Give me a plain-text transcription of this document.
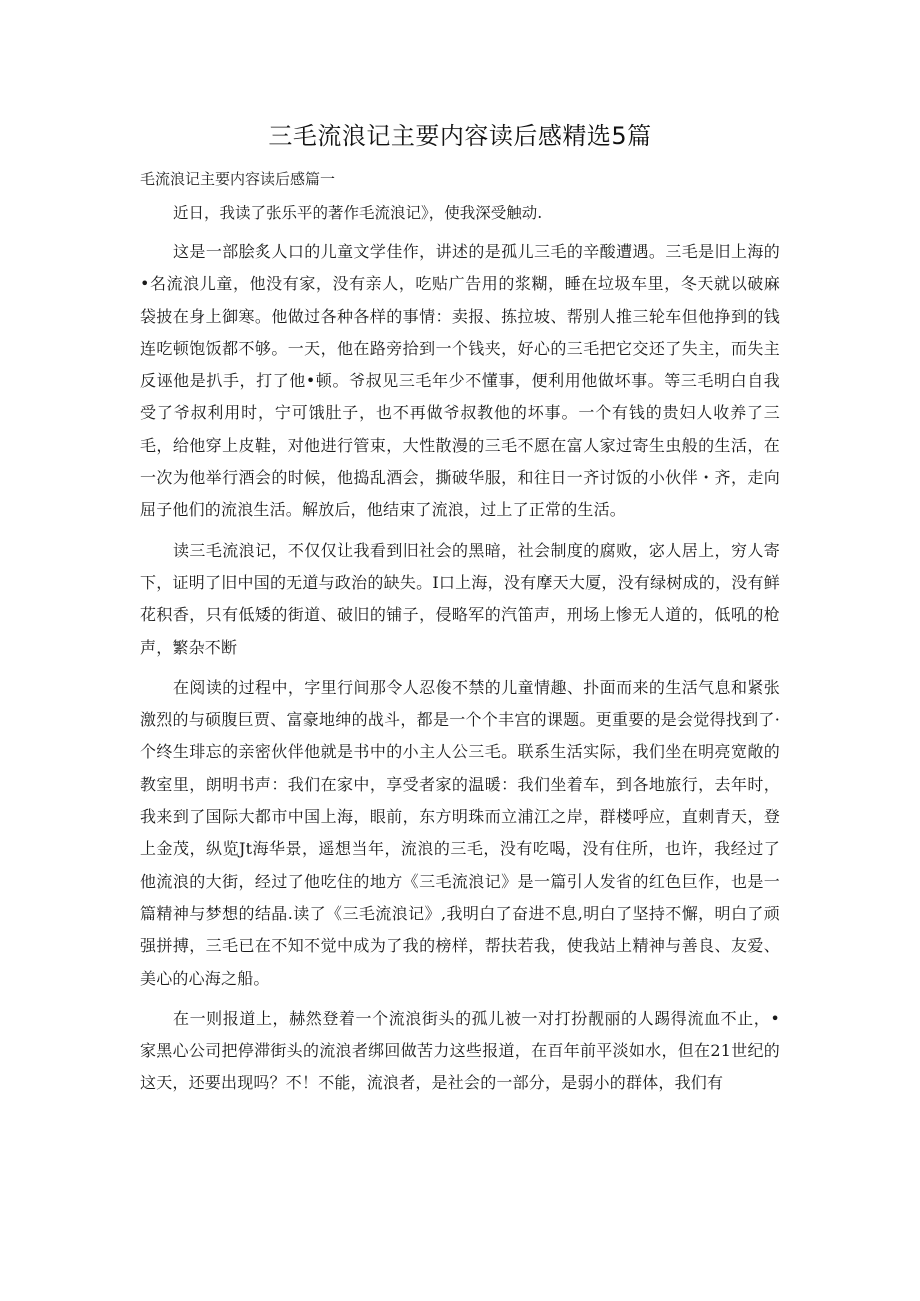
三毛流浪记主要内容读后感精选5篇

毛流浪记主要内容读后感篇一

近日，我读了张乐平的著作毛流浪记》，使我深受触动.

这是一部脍炙人口的儿童文学佳作，讲述的是孤儿三毛的辛酸遭遇。三毛是旧上海的•名流浪儿童，他没有家，没有亲人，吃贴广告用的浆糊，睡在垃圾车里，冬天就以破麻袋披在身上御寒。他做过各种各样的事情：卖报、拣拉坡、帮别人推三轮车但他挣到的钱连吃顿饱饭都不够。一天，他在路旁拾到一个钱夹，好心的三毛把它交还了失主，而失主反诬他是扒手，打了他•顿。爷叔见三毛年少不懂事，便利用他做坏事。等三毛明白自我受了爷叔利用时，宁可饿肚子，也不再做爷叔教他的坏事。一个有钱的贵妇人收养了三毛，给他穿上皮鞋，对他进行管束，大性散漫的三毛不愿在富人家过寄生虫般的生活，在一次为他举行酒会的时候，他捣乱酒会，撕破华服，和往日一齐讨饭的小伙伴・齐，走向屈子他们的流浪生活。解放后，他结束了流浪，过上了正常的生活。

读三毛流浪记，不仅仅让我看到旧社会的黑暗，社会制度的腐败，宓人居上，穷人寄下，证明了旧中国的无道与政治的缺失。I口上海，没有摩天大厦，没有绿树成的，没有鲜花积香，只有低矮的街道、破旧的铺子，侵略军的汽笛声，刑场上惨无人道的，低吼的枪声，繁杂不断

在阅读的过程中，字里行间那令人忍俊不禁的儿童情趣、扑面而来的生活气息和紧张激烈的与硕腹巨贾、富豪地绅的战斗，都是一个个丰宫的课题。更重要的是会觉得找到了·个终生琲忘的亲密伙伴他就是书中的小主人公三毛。联系生活实际，我们坐在明亮宽敞的教室里，朗明书声：我们在家中，享受者家的温暖：我们坐着车，到各地旅行，去年时，我来到了国际大都市中国上海，眼前，东方明珠而立浦江之岸，群楼呼应，直刺青天，登上金茂，纵览Jt海华景，遥想当年，流浪的三毛，没有吃喝，没有住所，也许，我经过了他流浪的大街，经过了他吃住的地方《三毛流浪记》是一篇引人发省的红色巨作，也是一篇精神与梦想的结晶.读了《三毛流浪记》,我明白了奋进不息,明白了坚持不懈，明白了顽强拼搏，三毛已在不知不觉中成为了我的榜样，帮扶若我，使我站上精神与善良、友爱、美心的心海之船。

在一则报道上，赫然登着一个流浪街头的孤儿被一对打扮靓丽的人踢得流血不止，•家黑心公司把停滞街头的流浪者绑回做苦力这些报道，在百年前平淡如水，但在21世纪的这天，还要出现吗？不！不能，流浪者，是社会的一部分，是弱小的群体，我们有
